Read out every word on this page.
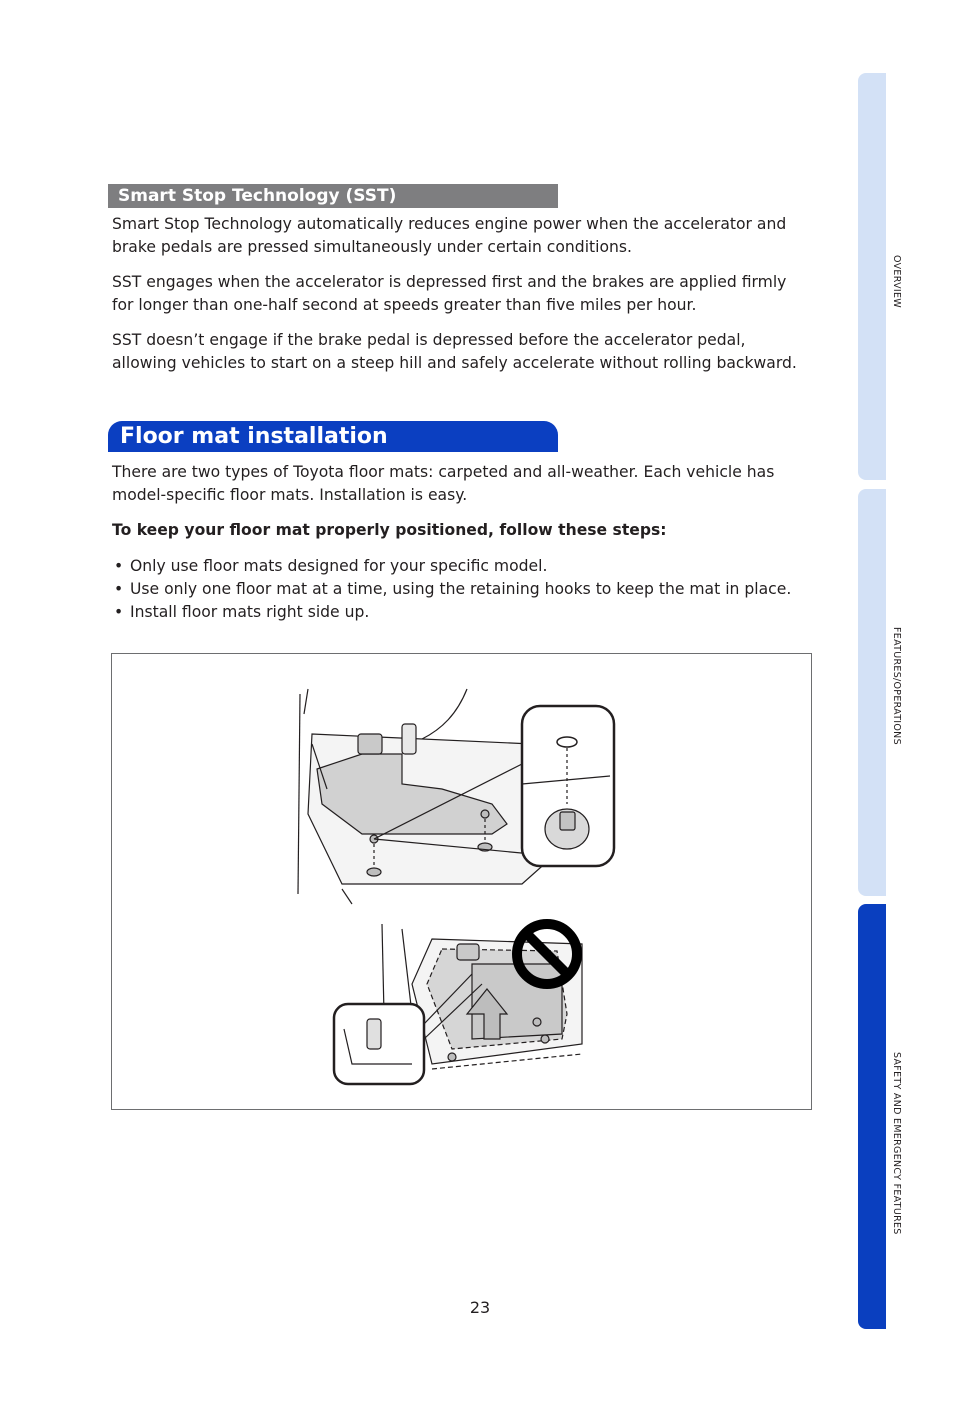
Smart Stop Technology (SST)

Smart Stop Technology automatically reduces engine power when the accelerator and brake pedals are pressed simultaneously under certain conditions.

SST engages when the accelerator is depressed first and the brakes are applied firmly for longer than one-half second at speeds greater than five miles per hour.

SST doesn’t engage if the brake pedal is depressed before the accelerator pedal, allowing vehicles to start on a steep hill and safely accelerate without rolling backward.

Floor mat installation

There are two types of Toyota floor mats: carpeted and all-weather. Each vehicle has model-specific floor mats. Installation is easy.

To keep your floor mat properly positioned, follow these steps:

• Only use floor mats designed for your specific model.
• Use only one floor mat at a time, using the retaining hooks to keep the mat in place.
• Install floor mats right side up.
23
OVERVIEW
FEATURES/OPERATIONS
SAFETY AND EMERGENCY FEATURES
